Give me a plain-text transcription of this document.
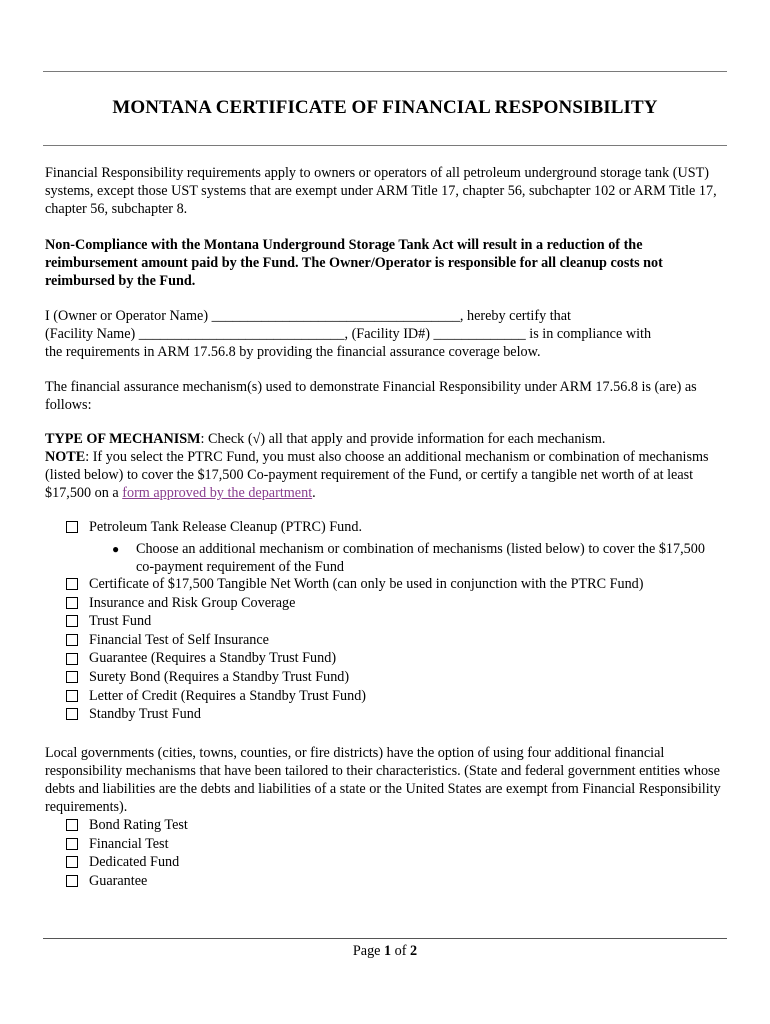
MONTANA CERTIFICATE OF FINANCIAL RESPONSIBILITY

Financial Responsibility requirements apply to owners or operators of all petroleum underground storage tank (UST) systems, except those UST systems that are exempt under ARM Title 17, chapter 56, subchapter 102 or ARM Title 17, chapter 56, subchapter 8.

Non-Compliance with the Montana Underground Storage Tank Act will result in a reduction of the reimbursement amount paid by the Fund. The Owner/Operator is responsible for all cleanup costs not reimbursed by the Fund.

I (Owner or Operator Name) ___________________________________, hereby certify that
(Facility Name) _____________________________, (Facility ID#) _____________ is in compliance with
the requirements in ARM 17.56.8 by providing the financial assurance coverage below.

The financial assurance mechanism(s) used to demonstrate Financial Responsibility under ARM 17.56.8 is (are) as follows:

TYPE OF MECHANISM: Check (√) all that apply and provide information for each mechanism.
NOTE: If you select the PTRC Fund, you must also choose an additional mechanism or combination of mechanisms (listed below) to cover the $17,500 Co-payment requirement of the Fund, or certify a tangible net worth of at least $17,500 on a form approved by the department.

Petroleum Tank Release Cleanup (PTRC) Fund.
●	Choose an additional mechanism or combination of mechanisms (listed below) to cover the $17,500 co-payment requirement of the Fund
Certificate of $17,500 Tangible Net Worth (can only be used in conjunction with the PTRC Fund)
Insurance and Risk Group Coverage
Trust Fund
Financial Test of Self Insurance
Guarantee (Requires a Standby Trust Fund)
Surety Bond (Requires a Standby Trust Fund)
Letter of Credit (Requires a Standby Trust Fund)
Standby Trust Fund

Local governments (cities, towns, counties, or fire districts) have the option of using four additional financial responsibility mechanisms that have been tailored to their characteristics. (State and federal government entities whose debts and liabilities are the debts and liabilities of a state or the United States are exempt from Financial Responsibility requirements).

Bond Rating Test
Financial Test
Dedicated Fund
Guarantee
Page 1 of 2
